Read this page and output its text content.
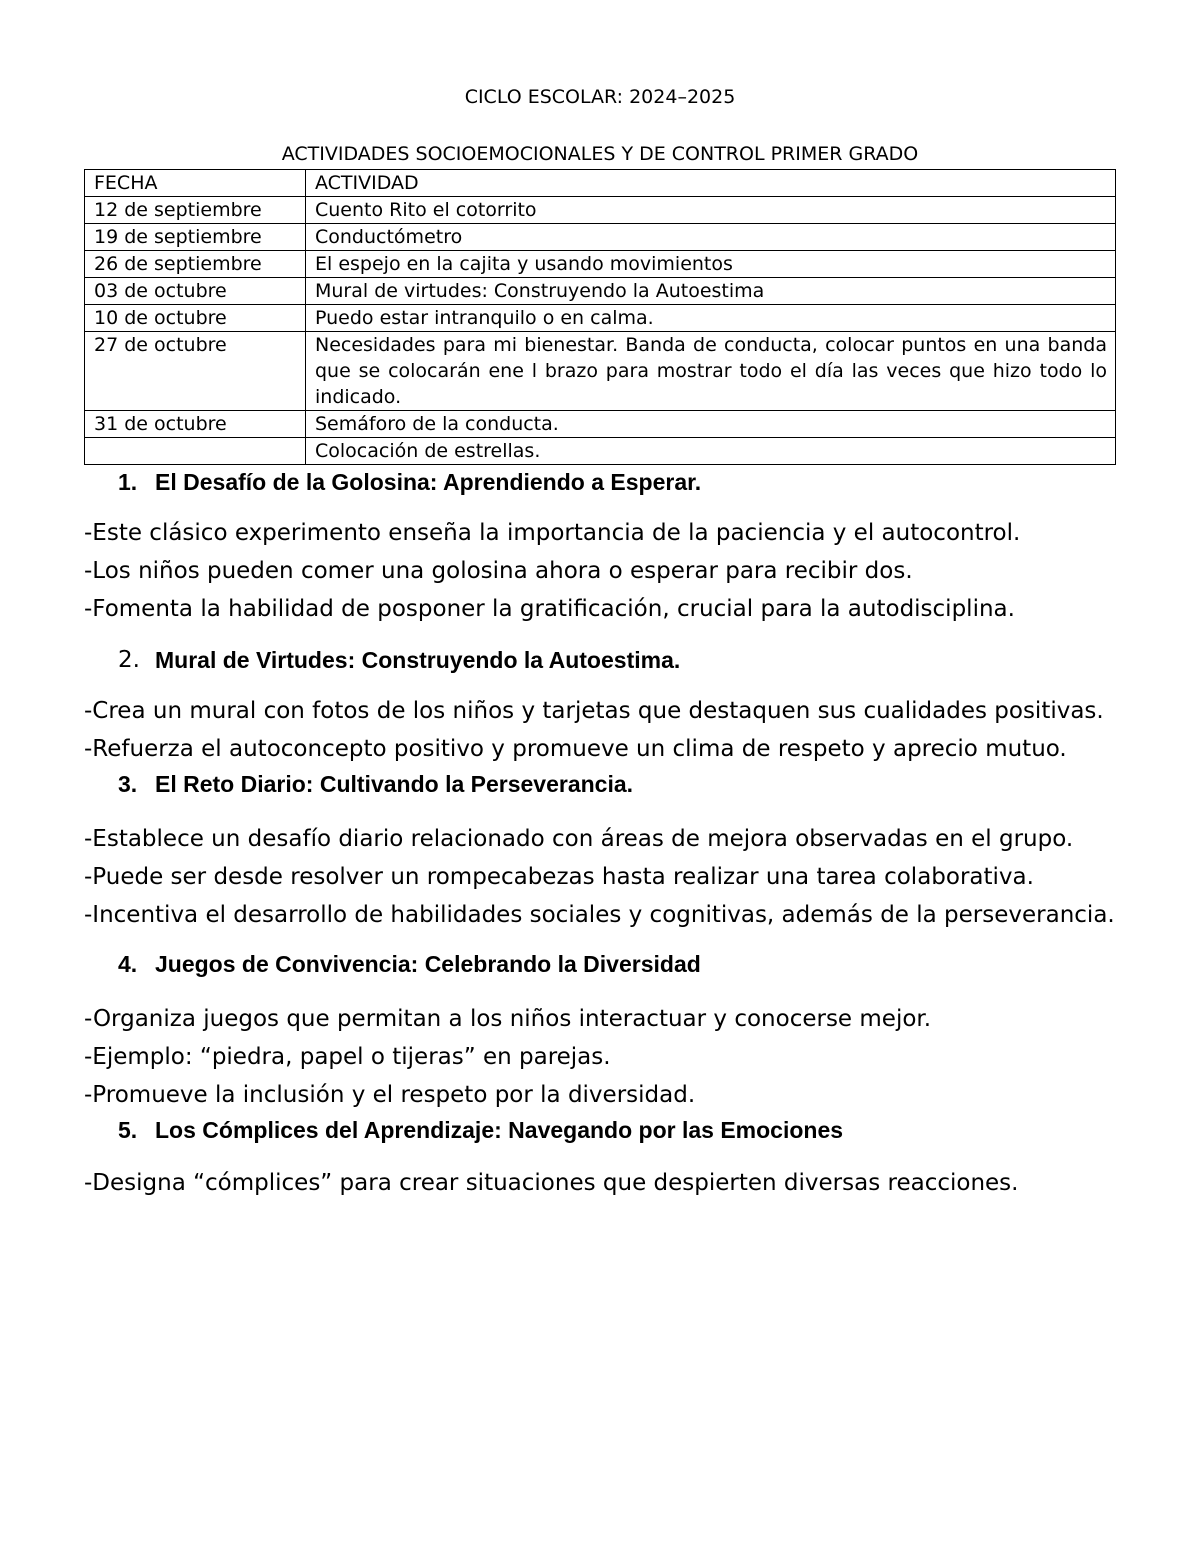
CICLO ESCOLAR: 2024–2025
ACTIVIDADES SOCIOEMOCIONALES Y DE CONTROL PRIMER GRADO
FECHA	ACTIVIDAD
12 de septiembre	Cuento Rito el cotorrito
19 de septiembre	Conductómetro
26 de septiembre	El espejo en la cajita y usando movimientos
03 de octubre	Mural de virtudes: Construyendo la Autoestima
10 de octubre	Puedo estar intranquilo o en calma.
27 de octubre	Necesidades para mi bienestar. Banda de conducta, colocar puntos en una banda que se colocarán ene l brazo para mostrar todo el día las veces que hizo todo lo indicado.
31 de octubre	Semáforo de la conducta.
	Colocación de estrellas.
1. El Desafío de la Golosina: Aprendiendo a Esperar.

-Este clásico experimento enseña la importancia de la paciencia y el autocontrol.

-Los niños pueden comer una golosina ahora o esperar para recibir dos.

-Fomenta la habilidad de posponer la gratificación, crucial para la autodisciplina.

2. Mural de Virtudes: Construyendo la Autoestima.

-Crea un mural con fotos de los niños y tarjetas que destaquen sus cualidades positivas.

-Refuerza el autoconcepto positivo y promueve un clima de respeto y aprecio mutuo.

3. El Reto Diario: Cultivando la Perseverancia.

-Establece un desafío diario relacionado con áreas de mejora observadas en el grupo.

-Puede ser desde resolver un rompecabezas hasta realizar una tarea colaborativa.

-Incentiva el desarrollo de habilidades sociales y cognitivas, además de la perseverancia.

4. Juegos de Convivencia: Celebrando la Diversidad

-Organiza juegos que permitan a los niños interactuar y conocerse mejor.

-Ejemplo: “piedra, papel o tijeras” en parejas.

-Promueve la inclusión y el respeto por la diversidad.

5. Los Cómplices del Aprendizaje: Navegando por las Emociones

-Designa “cómplices” para crear situaciones que despierten diversas reacciones.
